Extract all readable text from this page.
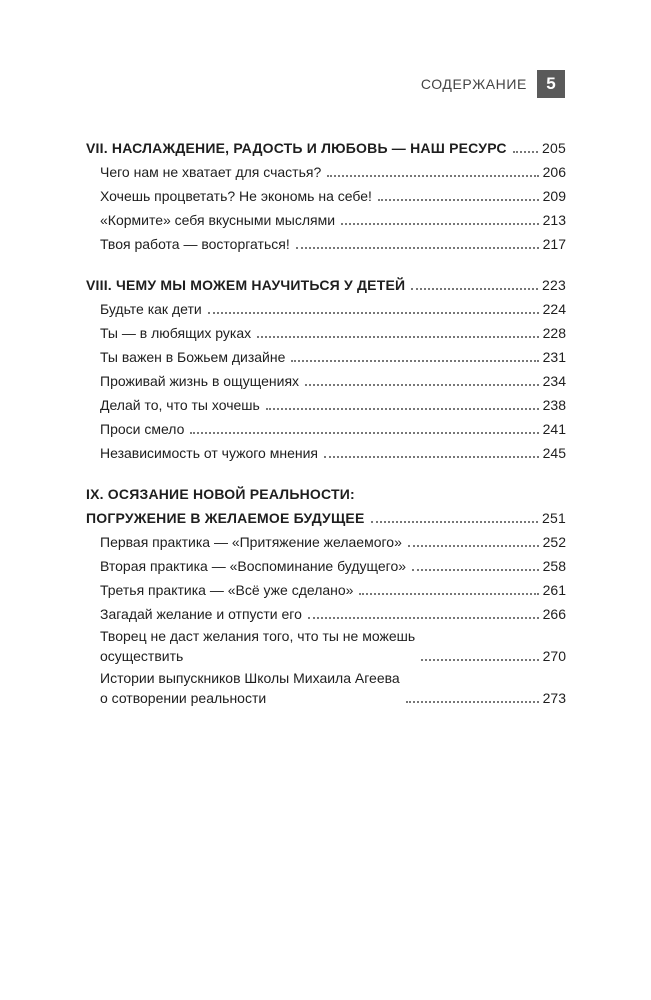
СОДЕРЖАНИЕ	5
VII. НАСЛАЖДЕНИЕ, РАДОСТЬ И ЛЮБОВЬ — НАШ РЕСУРС	205
Чего нам не хватает для счастья?	206
Хочешь процветать? Не экономь на себе!	209
«Кормите» себя вкусными мыслями	213
Твоя работа — восторгаться!	217
VIII. ЧЕМУ МЫ МОЖЕМ НАУЧИТЬСЯ У ДЕТЕЙ	223
Будьте как дети	224
Ты — в любящих руках	228
Ты важен в Божьем дизайне	231
Проживай жизнь в ощущениях	234
Делай то, что ты хочешь	238
Проси смело	241
Независимость от чужого мнения	245
IX. ОСЯЗАНИЕ НОВОЙ РЕАЛЬНОСТИ:
ПОГРУЖЕНИЕ В ЖЕЛАЕМОЕ БУДУЩЕЕ	251
Первая практика — «Притяжение желаемого»	252
Вторая практика — «Воспоминание будущего»	258
Третья практика — «Всё уже сделано»	261
Загадай желание и отпусти его	266
Творец не даст желания того, что ты не можешь
осуществить	270
Истории выпускников Школы Михаила Агеева
о сотворении реальности	273
